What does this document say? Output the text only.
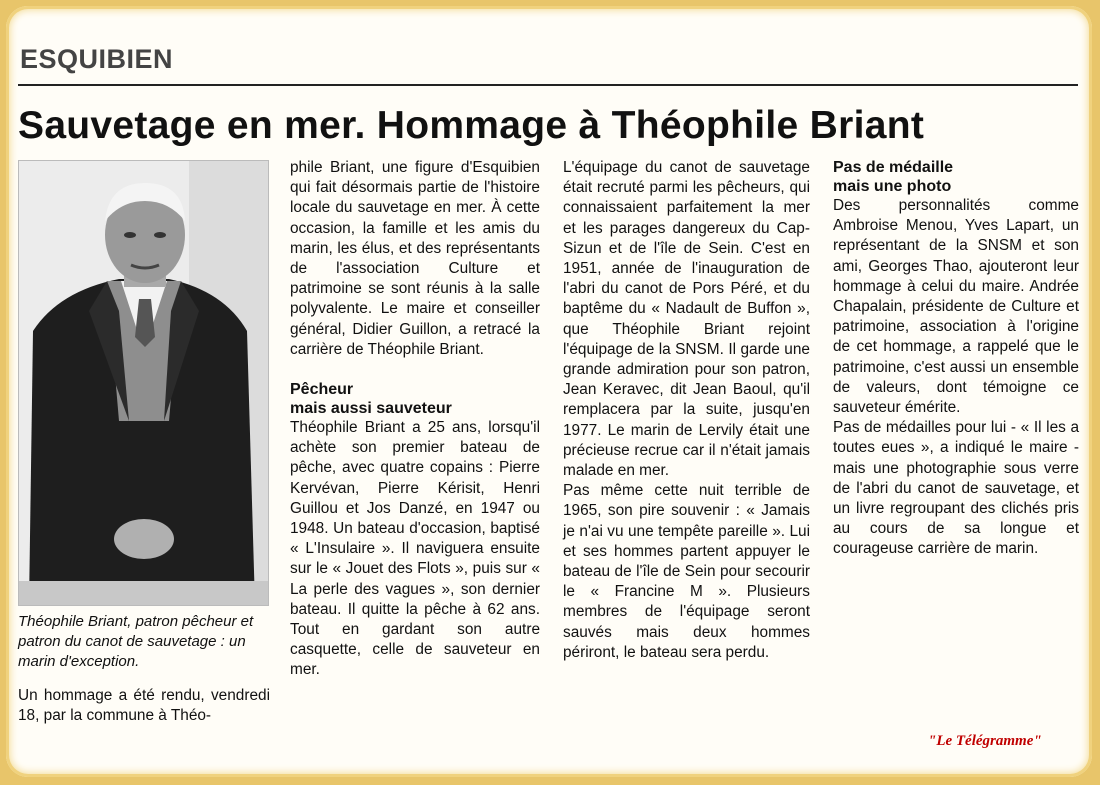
ESQUIBIEN
Sauvetage en mer. Hommage à Théophile Briant
Théophile Briant, patron pêcheur et patron du canot de sauvetage : un marin d'exception.

Un hommage a été rendu, vendredi 18, par la commune à Théo-

phile Briant, une figure d'Esquibien qui fait désormais partie de l'histoire locale du sauvetage en mer. À cette occasion, la famille et les amis du marin, les élus, et des représentants de l'association Culture et patrimoine se sont réunis à la salle polyvalente. Le maire et conseiller général, Didier Guillon, a retracé la carrière de Théophile Briant.

Pêcheur

mais aussi sauveteur

Théophile Briant a 25 ans, lorsqu'il achète son premier bateau de pêche, avec quatre copains : Pierre Kervévan, Pierre Kérisit, Henri Guillou et Jos Danzé, en 1947 ou 1948. Un bateau d'occasion, baptisé « L'Insulaire ». Il naviguera ensuite sur le « Jouet des Flots », puis sur « La perle des vagues », son dernier bateau. Il quitte la pêche à 62 ans. Tout en gardant son autre casquette, celle de sauveteur en mer.

L'équipage du canot de sauvetage était recruté parmi les pêcheurs, qui connaissaient parfaitement la mer et les parages dangereux du Cap-Sizun et de l'île de Sein. C'est en 1951, année de l'inauguration de l'abri du canot de Pors Péré, et du baptême du « Nadault de Buffon », que Théophile Briant rejoint l'équipage de la SNSM. Il garde une grande admiration pour son patron, Jean Keravec, dit Jean Baoul, qu'il remplacera par la suite, jusqu'en 1977. Le marin de Lervily était une précieuse recrue car il n'était jamais malade en mer.

Pas même cette nuit terrible de 1965, son pire souvenir : « Jamais je n'ai vu une tempête pareille ». Lui et ses hommes partent appuyer le bateau de l'île de Sein pour secourir le « Francine M ». Plusieurs membres de l'équipage seront sauvés mais deux hommes périront, le bateau sera perdu.

Pas de médaille

mais une photo

Des personnalités comme Ambroise Menou, Yves Lapart, un représentant de la SNSM et son ami, Georges Thao, ajouteront leur hommage à celui du maire. Andrée Chapalain, présidente de Culture et patrimoine, association à l'origine de cet hommage, a rappelé que le patrimoine, c'est aussi un ensemble de valeurs, dont témoigne ce sauveteur émérite.

Pas de médailles pour lui - « Il les a toutes eues », a indiqué le maire - mais une photographie sous verre de l'abri du canot de sauvetage, et un livre regroupant des clichés pris au cours de sa longue et courageuse carrière de marin.

"Le Télégramme"
